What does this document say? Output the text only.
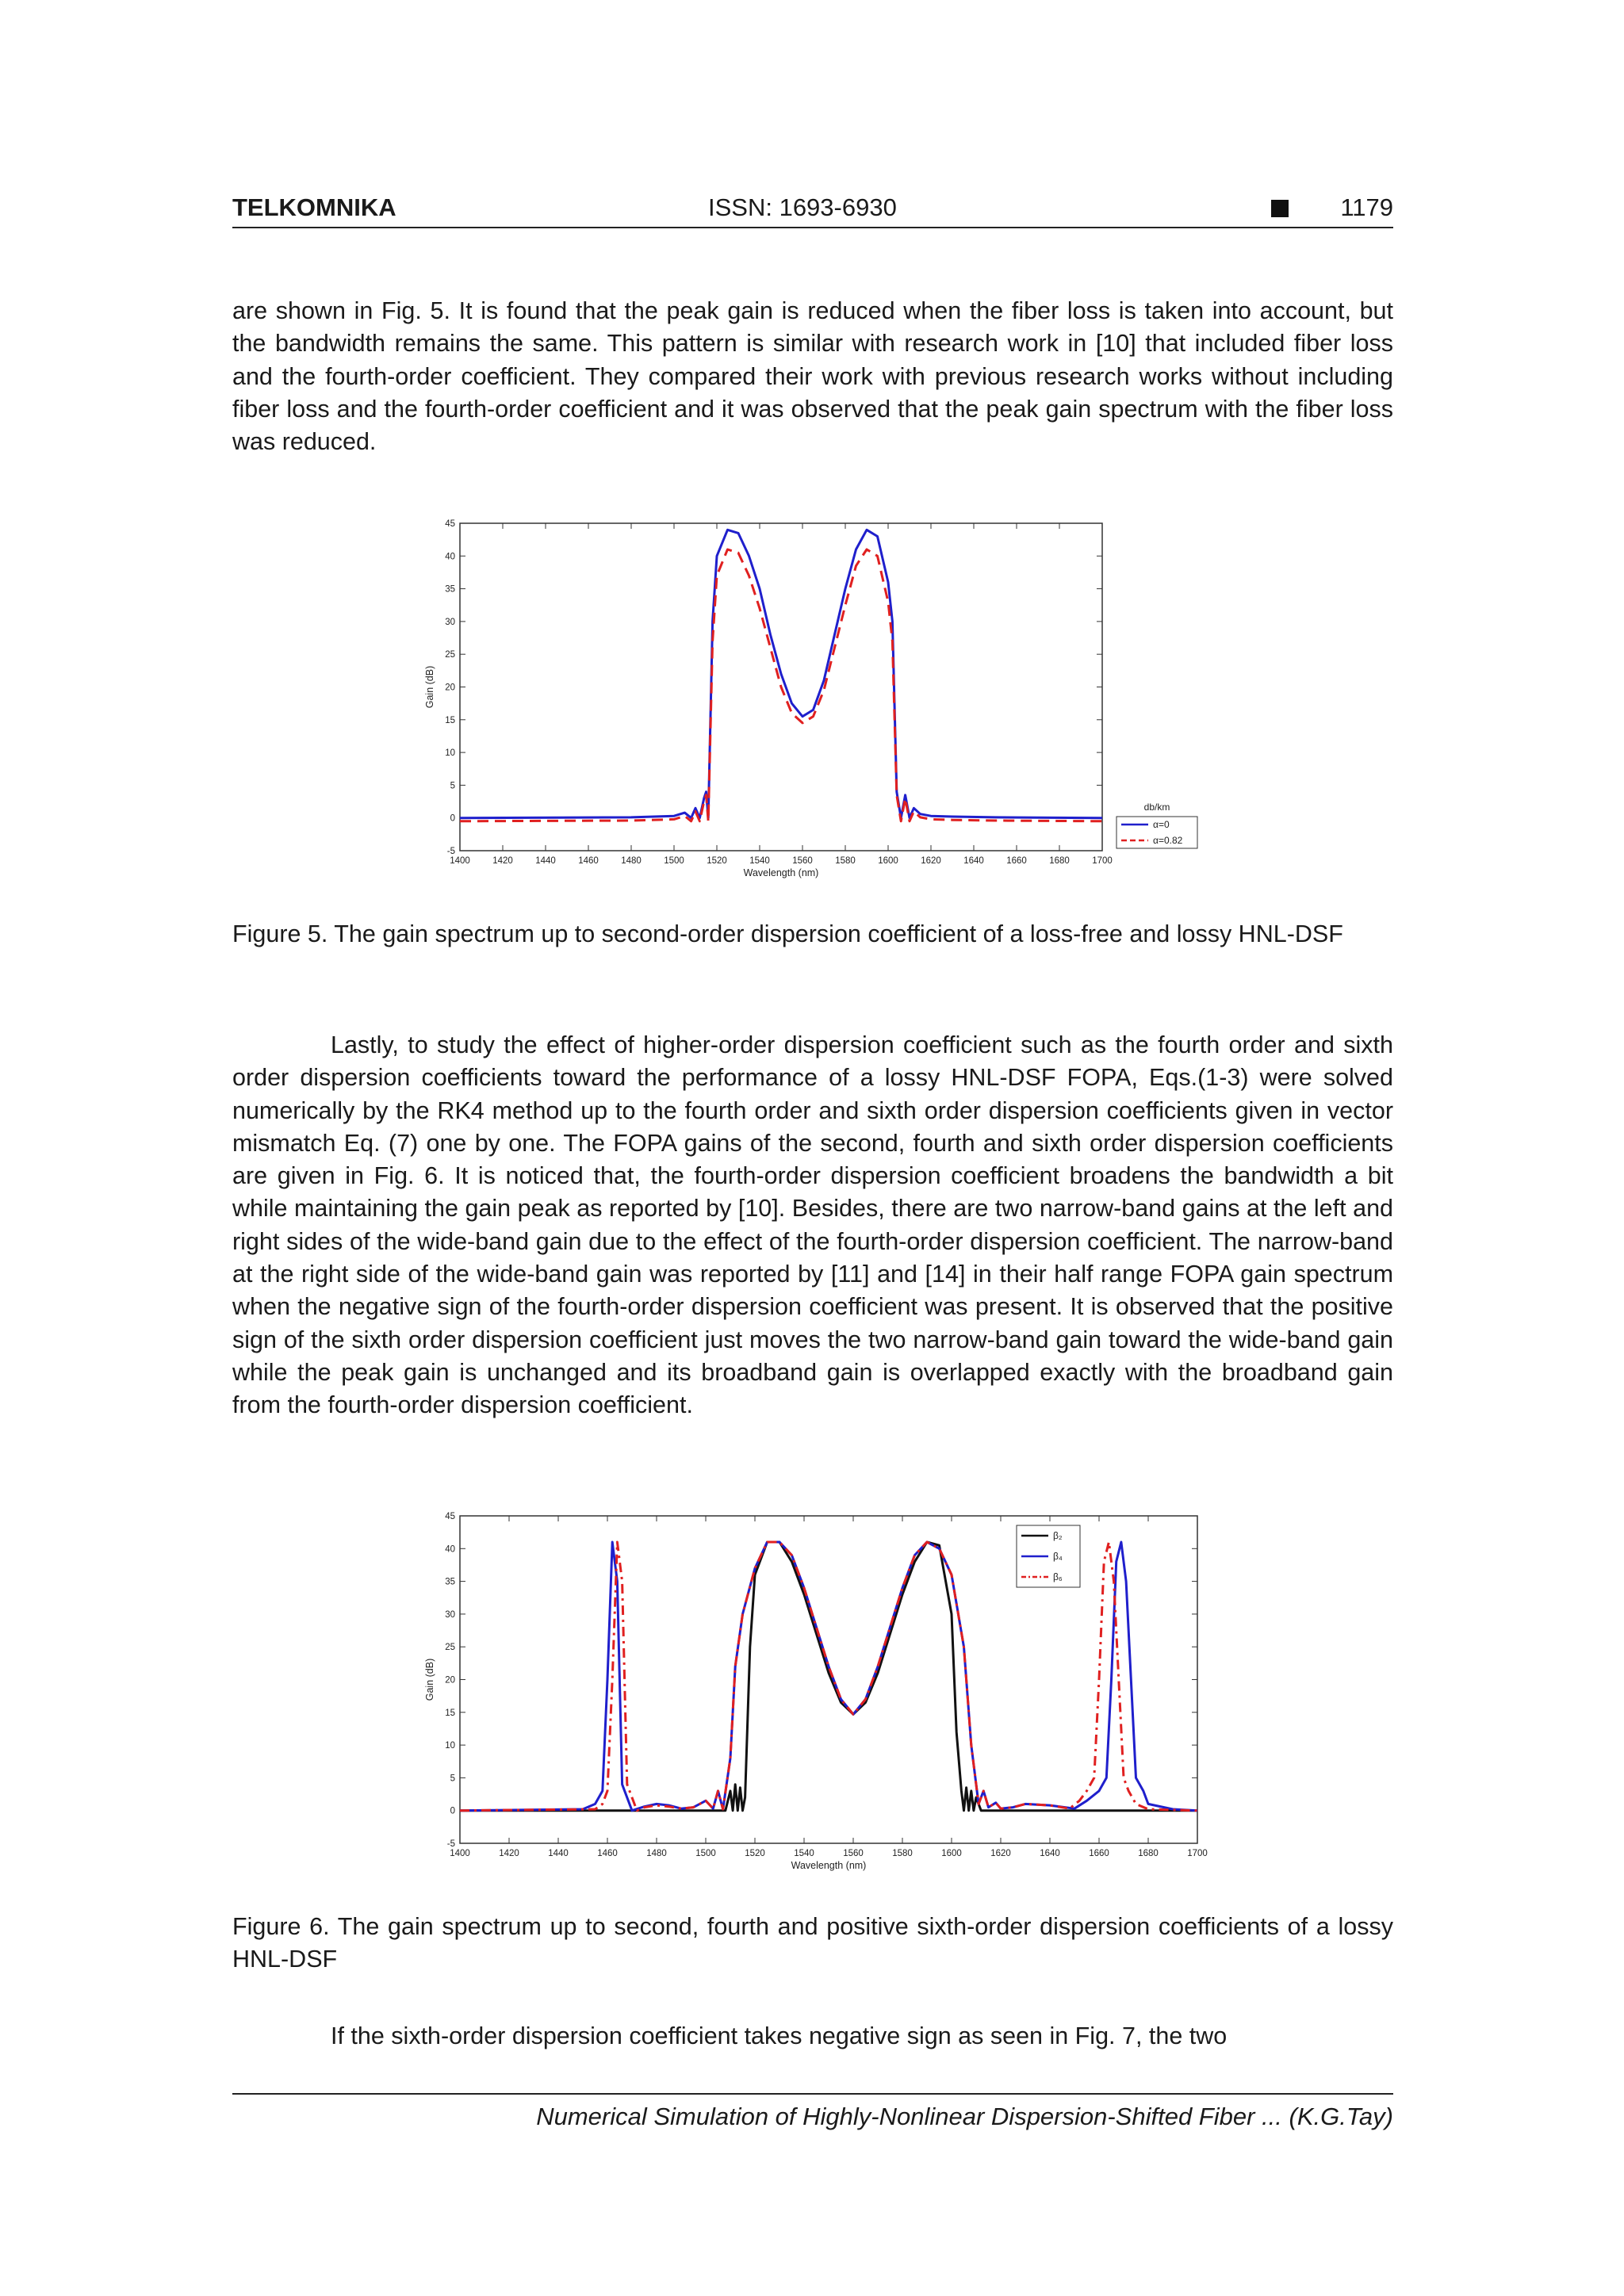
TELKOMNIKA	ISSN: 1693-6930	1179

are shown in Fig. 5. It is found that the peak gain is reduced when the fiber loss is taken into account, but the bandwidth remains the same. This pattern is similar with research work in [10] that included fiber loss and the fourth-order coefficient. They compared their work with previous research works without including fiber loss and the fourth-order coefficient and it was observed that the peak gain spectrum with the fiber loss was reduced.

1400 1420 1440 1460 1480 1500 1520 1540 1560 1580 1600 1620 1640 1660 1680 1700
-5
0
5
10
15
20
25
30
35
40
45
Wavelength (nm)
Gain (dB)
db/km
α=0
α=0.82

Figure 5. The gain spectrum up to second-order dispersion coefficient of a loss-free and lossy HNL-DSF

Lastly, to study the effect of higher-order dispersion coefficient such as the fourth order and sixth order dispersion coefficients toward the performance of a lossy HNL-DSF FOPA, Eqs.(1-3) were solved numerically by the RK4 method up to the fourth order and sixth order dispersion coefficients given in vector mismatch Eq. (7) one by one. The FOPA gains of the second, fourth and sixth order dispersion coefficients are given in Fig. 6. It is noticed that, the fourth-order dispersion coefficient broadens the bandwidth a bit while maintaining the gain peak as reported by [10]. Besides, there are two narrow-band gains at the left and right sides of the wide-band gain due to the effect of the fourth-order dispersion coefficient. The narrow-band at the right side of the wide-band gain was reported by [11] and [14] in their half range FOPA gain spectrum when the negative sign of the fourth-order dispersion coefficient was present. It is observed that the positive sign of the sixth order dispersion coefficient just moves the two narrow-band gain toward the wide-band gain while the peak gain is unchanged and its broadband gain is overlapped exactly with the broadband gain from the fourth-order dispersion coefficient.

1400	1420	1440	1460	1480	1500	1520	1540	1560	1580	1600	1620	1640	1660	1680	1700
-5
0
5
10
15
20
25
30
35
40
45
Wavelength (nm)
Gain (dB)
β₂
β₄
β₆

Figure 6. The gain spectrum up to second, fourth and positive sixth-order dispersion coefficients of a lossy HNL-DSF

If the sixth-order dispersion coefficient takes negative sign as seen in Fig. 7, the two

Numerical Simulation of Highly-Nonlinear Dispersion-Shifted Fiber ... (K.G.Tay)
